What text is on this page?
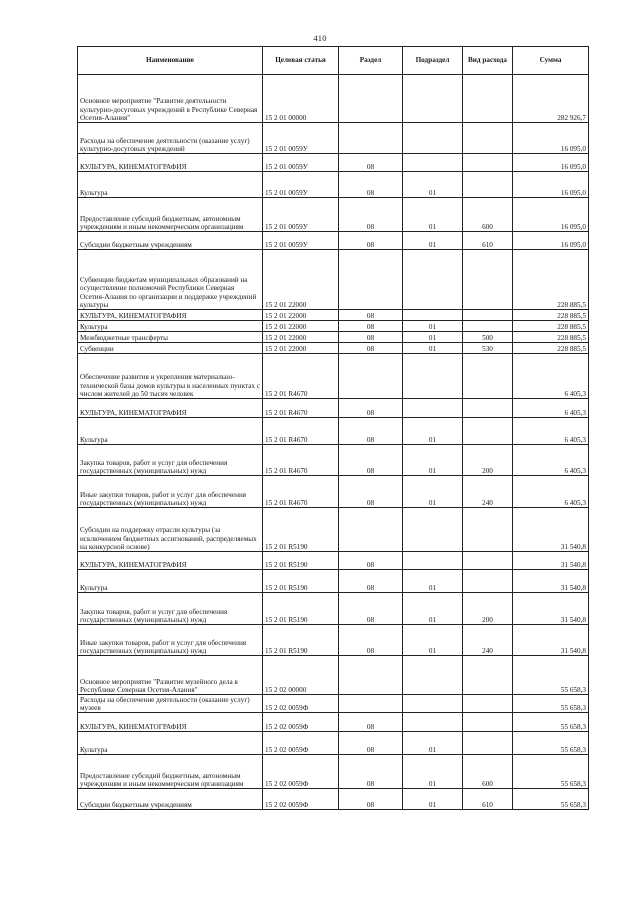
410
Наименование	Целевая статья	Раздел	Подраздел	Вид расхода	Сумма
Основное мероприятие "Развитие деятельности культурно-досуговых учреждений в Республике Северная Осетия-Алания"	15 2 01 00000				282 926,7
Расходы на обеспечение деятельности (оказание услуг) культурно-досуговых учреждений	15 2 01 0059У				16 095,0
КУЛЬТУРА, КИНЕМАТОГРАФИЯ	15 2 01 0059У	08			16 095,0
Культура	15 2 01 0059У	08	01		16 095,0
Предоставление субсидий бюджетным, автономным учреждениям и иным некоммерческим организациям	15 2 01 0059У	08	01	600	16 095,0
Субсидии бюджетным учреждениям	15 2 01 0059У	08	01	610	16 095,0
Субвенции бюджетам муниципальных образований на осуществление полномочий Республики Северная Осетия-Алания по организации и поддержке учреждений культуры	15 2 01 22000				228 885,5
КУЛЬТУРА, КИНЕМАТОГРАФИЯ	15 2 01 22000	08			228 885,5
Культура	15 2 01 22000	08	01		228 885,5
Межбюджетные трансферты	15 2 01 22000	08	01	500	228 885,5
Субвенции	15 2 01 22000	08	01	530	228 885,5
Обеспечение развития и укрепления материально-технической базы домов культуры в населенных пунктах с числом жителей до 50 тысяч человек	15 2 01 R4670				6 405,3
КУЛЬТУРА, КИНЕМАТОГРАФИЯ	15 2 01 R4670	08			6 405,3
Культура	15 2 01 R4670	08	01		6 405,3
Закупка товаров, работ и услуг для обеспечения государственных (муниципальных) нужд	15 2 01 R4670	08	01	200	6 405,3
Иные закупки товаров, работ и услуг для обеспечения государственных (муниципальных) нужд	15 2 01 R4670	08	01	240	6 405,3
Субсидии на поддержку отрасли культуры (за исключением бюджетных ассигнований, распределяемых на конкурсной основе)	15 2 01 R5190				31 540,8
КУЛЬТУРА, КИНЕМАТОГРАФИЯ	15 2 01 R5190	08			31 540,8
Культура	15 2 01 R5190	08	01		31 540,8
Закупка товаров, работ и услуг для обеспечения государственных (муниципальных) нужд	15 2 01 R5190	08	01	200	31 540,8
Иные закупки товаров, работ и услуг для обеспечения государственных (муниципальных) нужд	15 2 01 R5190	08	01	240	31 540,8
Основное мероприятие "Развитие музейного дела в Республике Северная Осетия-Алания"	15 2 02 00000				55 658,3
Расходы на обеспечение деятельности (оказание услуг) музеев	15 2 02 0059Ф				55 658,3
КУЛЬТУРА, КИНЕМАТОГРАФИЯ	15 2 02 0059Ф	08			55 658,3
Культура	15 2 02 0059Ф	08	01		55 658,3
Предоставление субсидий бюджетным, автономным учреждениям и иным некоммерческим организациям	15 2 02 0059Ф	08	01	600	55 658,3
Субсидии бюджетным учреждениям	15 2 02 0059Ф	08	01	610	55 658,3
